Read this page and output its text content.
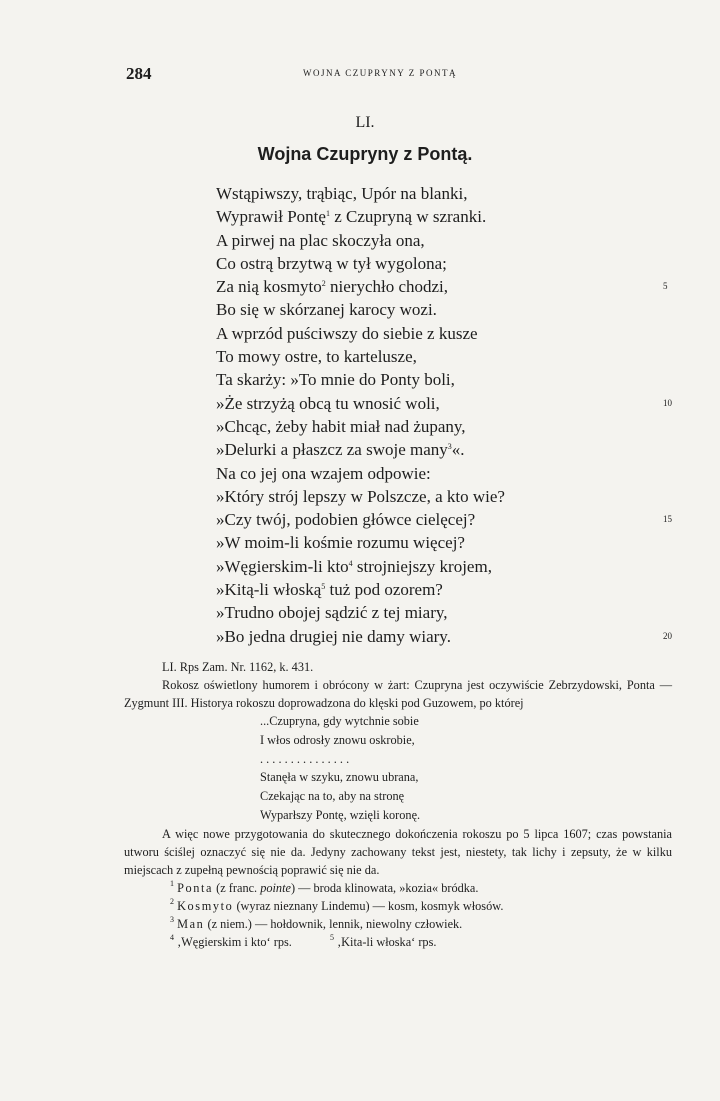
284	WOJNA CZUPRYNY Z PONTĄ
LI.
Wojna Czupryny z Pontą.
Wstąpiwszy, trąbiąc, Upór na blanki,
Wyprawił Pontę$^1$ z Czupryną w szranki.
A pirwej na plac skoczyła ona,
Co ostrą brzytwą w tył wygolona;
Za nią kosmyto$^2$ nierychło chodzi,	5
Bo się w skórzanej karocy wozi.
A wprzód puściwszy do siebie z kusze
To mowy ostre, to kartelusze,
Ta skarży: »To mnie do Ponty boli,
»Że strzyżą obcą tu wnosić woli,	10
»Chcąc, żeby habit miał nad żupany,
»Delurki a płaszcz za swoje many$^3$«.
Na co jej ona wzajem odpowie:
»Który strój lepszy w Polszcze, a kto wie?
»Czy twój, podobien główce cielęcej?	15
»W moim-li kośmie rozumu więcej?
»Węgierskim-li kto$^4$ strojniejszy krojem,
»Kitą-li włoską$^5$ tuż pod ozorem?
»Trudno obojej sądzić z tej miary,
»Bo jedna drugiej nie damy wiary.	20

LI. Rps Zam. Nr. 1162, k. 431.

Rokosz oświetlony humorem i obrócony w żart: Czupryna jest oczywiście Zebrzydowski, Ponta — Zygmunt III. Historya rokoszu doprowadzona do klęski pod Guzowem, po której

...Czupryna, gdy wytchnie sobie
I włos odrosły znowu oskrobie,
. . . . . . . . . . . . . . .
Stanęła w szyku, znowu ubrana,
Czekając na to, aby na stronę
Wyparłszy Pontę, wzięli koronę.

A więc nowe przygotowania do skutecznego dokończenia rokoszu po 5 lipca 1607; czas powstania utworu ściślej oznaczyć się nie da. Jedyny zachowany tekst jest, niestety, tak lichy i zepsuty, że w kilku miejscach z zupełną pewnością poprawić się nie da.

$^1$ Ponta (z franc. pointe) — broda klinowata, »kozia« bródka.
$^2$ Kosmyto (wyraz nieznany Lindemu) — kosm, kosmyk włosów.
$^3$ Man (z niem.) — hołdownik, lennik, niewolny człowiek.
$^4$ ‚Węgierskim i kto‘ rps.	$^5$ ‚Kita-li włoska‘ rps.
